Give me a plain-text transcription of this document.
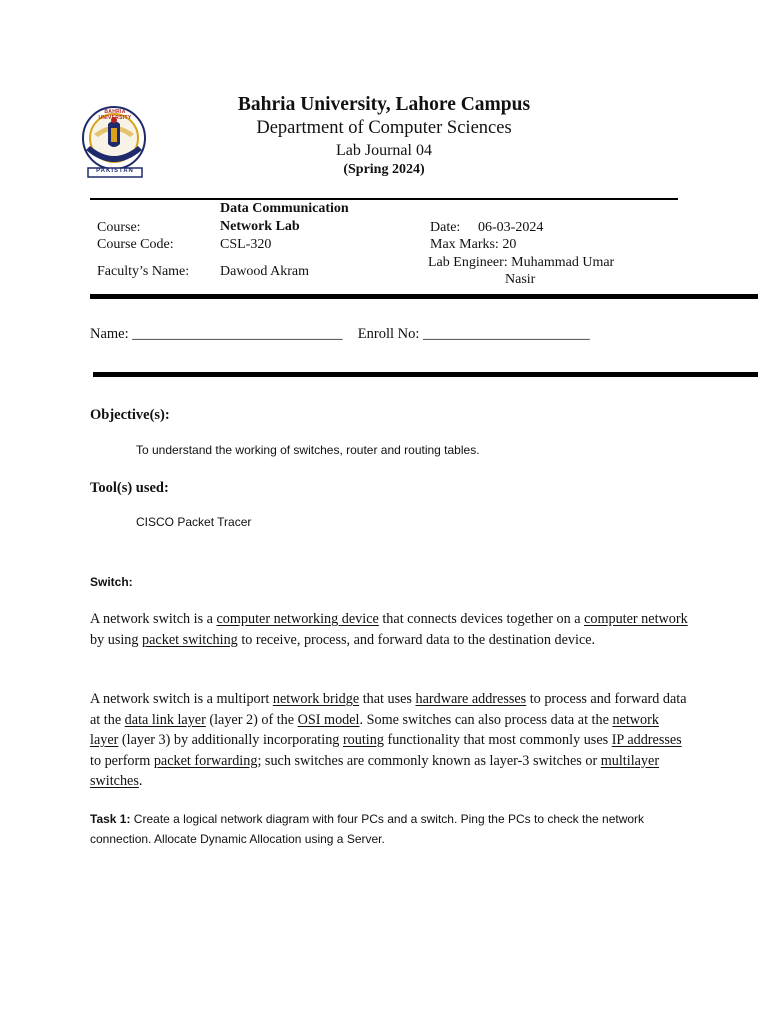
BAHRIA UNIVERSITY
PAKISTAN
Bahria University, Lahore Campus
Department of Computer Sciences
Lab Journal 04
(Spring 2024)
Data Communication
Course:	Network Lab
Course Code:	CSL-320
Faculty’s Name: Dawood Akram
Date: 06-03-2024
Max Marks: 20
Lab Engineer: Muhammad Umar
Nasir
Name: _____________________________ Enroll No: _______________________
Objective(s):
To understand the working of switches, router and routing tables.
Tool(s) used:
CISCO Packet Tracer
Switch:
A network switch is a computer networking device that connects devices together on a computer network by using packet switching to receive, process, and forward data to the destination device.
A network switch is a multiport network bridge that uses hardware addresses to process and forward data at the data link layer (layer 2) of the OSI model. Some switches can also process data at the network layer (layer 3) by additionally incorporating routing functionality that most commonly uses IP addresses to perform packet forwarding; such switches are commonly known as layer-3 switches or multilayer switches.
Task 1: Create a logical network diagram with four PCs and a switch. Ping the PCs to check the network connection. Allocate Dynamic Allocation using a Server.
